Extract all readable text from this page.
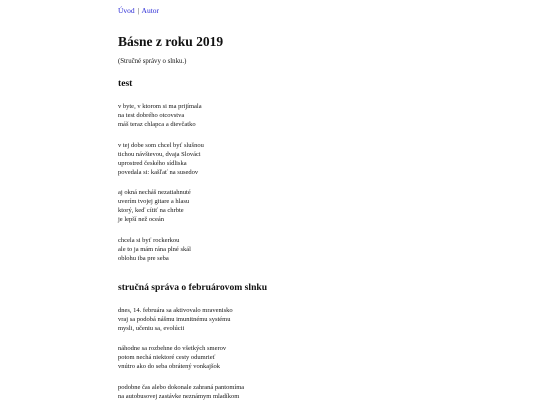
Úvod | Autor

Básne z roku 2019

(Stručné správy o slnku.)

test
v byte, v ktorom si ma prijímala
na test dobrého otcovstva
máš teraz chlapca a dievčatko
v tej dobe som chcel byť slušnou
tichou návštevou, dvaja Slováci
uprostred českého sídliska
povedala si: kašľať na susedov
aj okná necháš nezatiahnuté
uverím tvojej gitare a hlasu
ktorý, keď cítiť na chrbte
je lepší než oceán
chcela si byť rockerkou
ale to ja mám rána plné skál
oblohu iba pre seba
stručná správa o februárovom slnku
dnes, 14. februára sa aktivovalo mravenisko
vraj sa podobá nášmu imunitnému systému
mysli, učeniu sa, evolúcii
náhodne sa rozbehne do všetkých smerov
potom nechá niektoré cesty odumrieť
vnútro ako do seba obrátený vonkajšok
podobne čas alebo dokonale zahraná pantomíma
na autobusovej zastávke neznámym mladíkom
